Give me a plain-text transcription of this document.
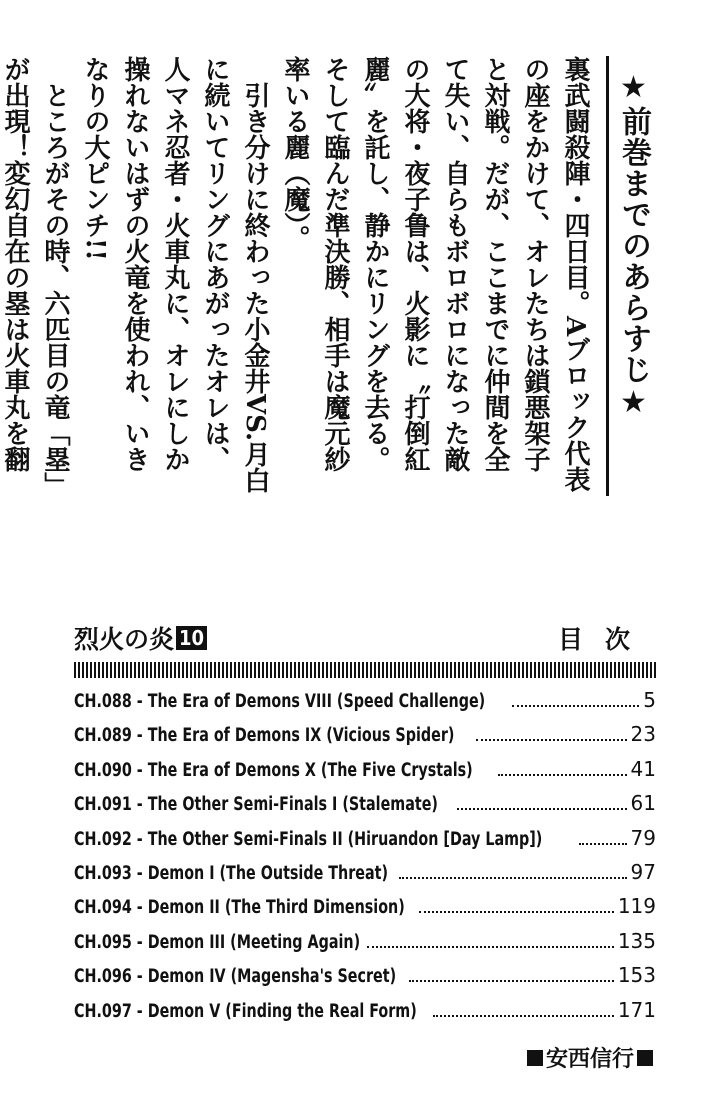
★前巻までのあらすじ★

裏武闘殺陣・四日目。Aブロック代表の座をかけて、オレたちは鎖悪架子と対戦。だが、ここまでに仲間を全て失い、自らもボロボロになった敵の大将・夜子鲁は、火影に〝打倒紅麗〟を託し、静かにリングを去る。そして臨んだ準決勝、相手は魔元紗率いる麗（魔）。

引き分けに終わった小金井VS.月白に続いてリングにあがったオレは、人マネ忍者・火車丸に、オレにしか操れないはずの火竜を使われ、いきなりの大ピンチ!!

ところがその時、六匹目の竜「塁」が出現！変幻自在の塁は火車丸を翻

烈火の炎 10	目次
CH.088 - The Era of Demons VIII (Speed Challenge)	5
CH.089 - The Era of Demons IX (Vicious Spider)	23
CH.090 - The Era of Demons X (The Five Crystals)	41
CH.091 - The Other Semi-Finals I (Stalemate)	61
CH.092 - The Other Semi-Finals II (Hiruandon [Day Lamp])	79
CH.093 - Demon I (The Outside Threat)	97
CH.094 - Demon II (The Third Dimension)	119
CH.095 - Demon III (Meeting Again)	135
CH.096 - Demon IV (Magensha's Secret)	153
CH.097 - Demon V (Finding the Real Form)	171
安西信行
